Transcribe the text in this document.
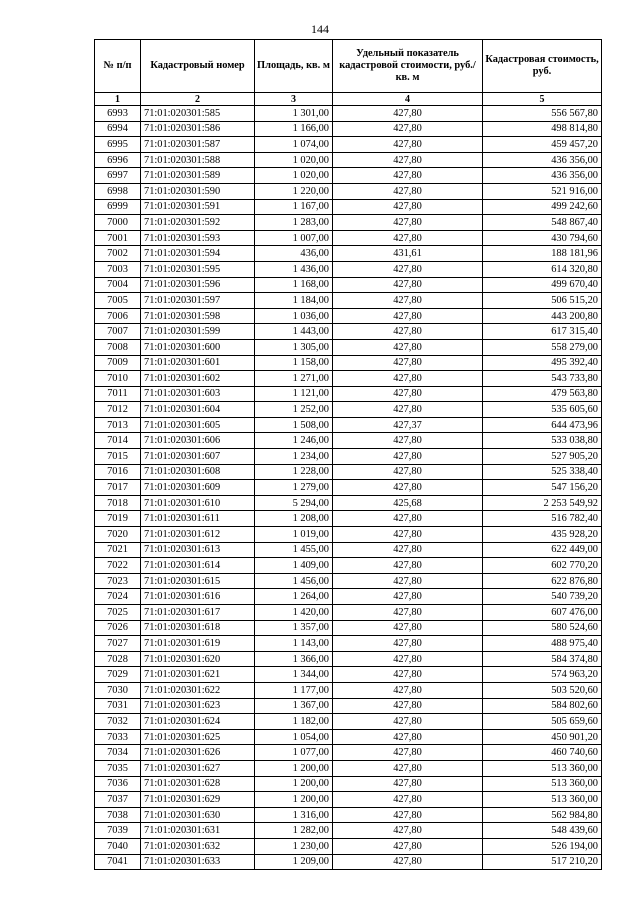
144
№ п/п	Кадастровый номер	Площадь, кв. м	Удельный показатель кадастровой стоимости, руб./кв. м	Кадастровая стоимость, руб.
1	2	3	4	5
6993	71:01:020301:585	1 301,00	427,80	556 567,80
6994	71:01:020301:586	1 166,00	427,80	498 814,80
6995	71:01:020301:587	1 074,00	427,80	459 457,20
6996	71:01:020301:588	1 020,00	427,80	436 356,00
6997	71:01:020301:589	1 020,00	427,80	436 356,00
6998	71:01:020301:590	1 220,00	427,80	521 916,00
6999	71:01:020301:591	1 167,00	427,80	499 242,60
7000	71:01:020301:592	1 283,00	427,80	548 867,40
7001	71:01:020301:593	1 007,00	427,80	430 794,60
7002	71:01:020301:594	436,00	431,61	188 181,96
7003	71:01:020301:595	1 436,00	427,80	614 320,80
7004	71:01:020301:596	1 168,00	427,80	499 670,40
7005	71:01:020301:597	1 184,00	427,80	506 515,20
7006	71:01:020301:598	1 036,00	427,80	443 200,80
7007	71:01:020301:599	1 443,00	427,80	617 315,40
7008	71:01:020301:600	1 305,00	427,80	558 279,00
7009	71:01:020301:601	1 158,00	427,80	495 392,40
7010	71:01:020301:602	1 271,00	427,80	543 733,80
7011	71:01:020301:603	1 121,00	427,80	479 563,80
7012	71:01:020301:604	1 252,00	427,80	535 605,60
7013	71:01:020301:605	1 508,00	427,37	644 473,96
7014	71:01:020301:606	1 246,00	427,80	533 038,80
7015	71:01:020301:607	1 234,00	427,80	527 905,20
7016	71:01:020301:608	1 228,00	427,80	525 338,40
7017	71:01:020301:609	1 279,00	427,80	547 156,20
7018	71:01:020301:610	5 294,00	425,68	2 253 549,92
7019	71:01:020301:611	1 208,00	427,80	516 782,40
7020	71:01:020301:612	1 019,00	427,80	435 928,20
7021	71:01:020301:613	1 455,00	427,80	622 449,00
7022	71:01:020301:614	1 409,00	427,80	602 770,20
7023	71:01:020301:615	1 456,00	427,80	622 876,80
7024	71:01:020301:616	1 264,00	427,80	540 739,20
7025	71:01:020301:617	1 420,00	427,80	607 476,00
7026	71:01:020301:618	1 357,00	427,80	580 524,60
7027	71:01:020301:619	1 143,00	427,80	488 975,40
7028	71:01:020301:620	1 366,00	427,80	584 374,80
7029	71:01:020301:621	1 344,00	427,80	574 963,20
7030	71:01:020301:622	1 177,00	427,80	503 520,60
7031	71:01:020301:623	1 367,00	427,80	584 802,60
7032	71:01:020301:624	1 182,00	427,80	505 659,60
7033	71:01:020301:625	1 054,00	427,80	450 901,20
7034	71:01:020301:626	1 077,00	427,80	460 740,60
7035	71:01:020301:627	1 200,00	427,80	513 360,00
7036	71:01:020301:628	1 200,00	427,80	513 360,00
7037	71:01:020301:629	1 200,00	427,80	513 360,00
7038	71:01:020301:630	1 316,00	427,80	562 984,80
7039	71:01:020301:631	1 282,00	427,80	548 439,60
7040	71:01:020301:632	1 230,00	427,80	526 194,00
7041	71:01:020301:633	1 209,00	427,80	517 210,20
